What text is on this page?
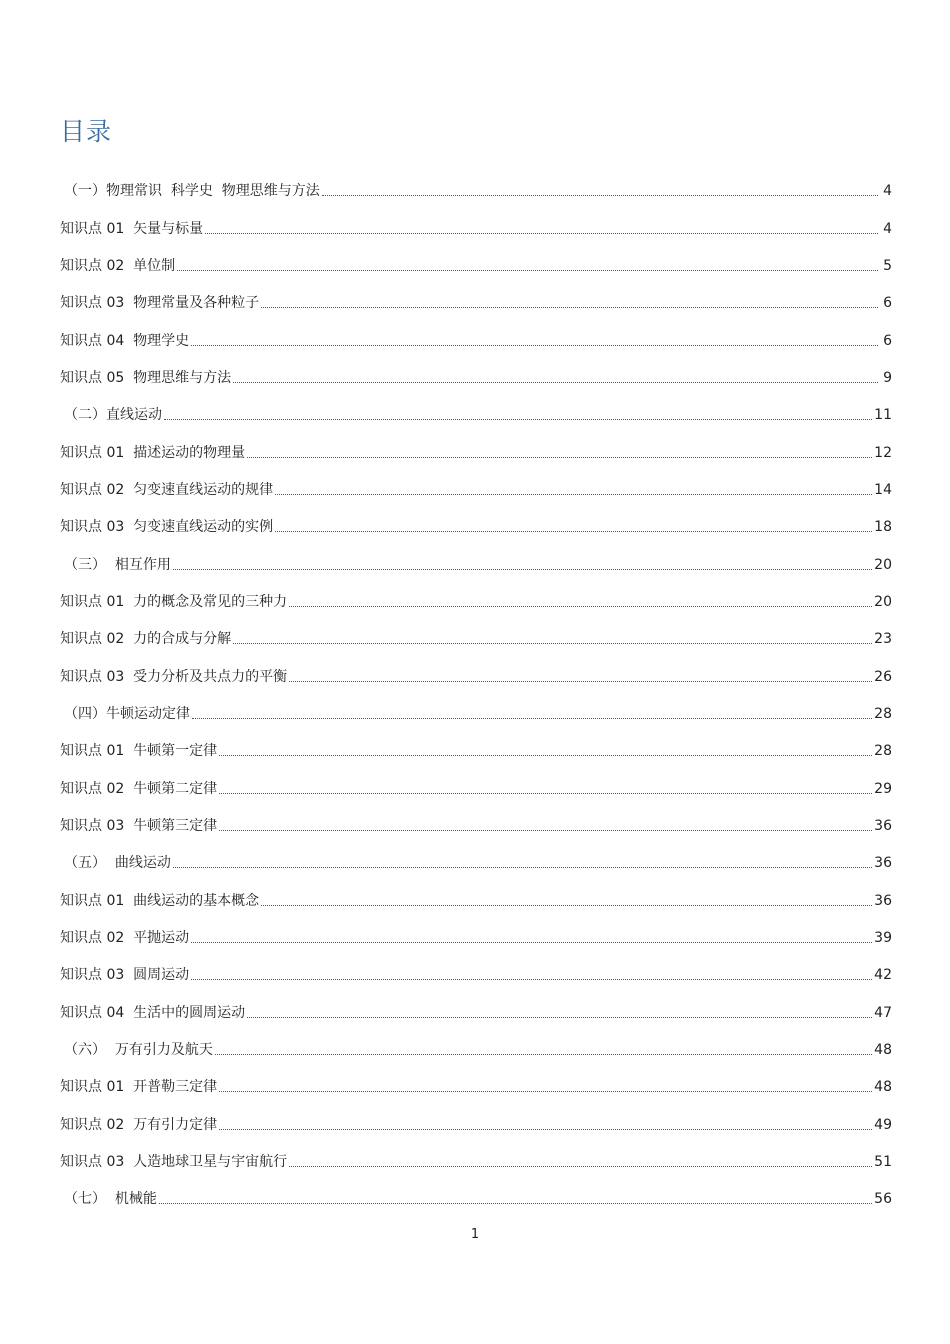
目录
（一）物理常识  科学史  物理思维与方法	4
知识点 01  矢量与标量	4
知识点 02  单位制	5
知识点 03  物理常量及各种粒子	6
知识点 04  物理学史	6
知识点 05  物理思维与方法	9
（二）直线运动	11
知识点 01  描述运动的物理量	12
知识点 02  匀变速直线运动的规律	14
知识点 03  匀变速直线运动的实例	18
（三）  相互作用	20
知识点 01  力的概念及常见的三种力	20
知识点 02  力的合成与分解	23
知识点 03  受力分析及共点力的平衡	26
（四）牛顿运动定律	28
知识点 01  牛顿第一定律	28
知识点 02  牛顿第二定律	29
知识点 03  牛顿第三定律	36
（五）  曲线运动	36
知识点 01  曲线运动的基本概念	36
知识点 02  平抛运动	39
知识点 03  圆周运动	42
知识点 04  生活中的圆周运动	47
（六）  万有引力及航天	48
知识点 01  开普勒三定律	48
知识点 02  万有引力定律	49
知识点 03  人造地球卫星与宇宙航行	51
（七）  机械能	56
1
